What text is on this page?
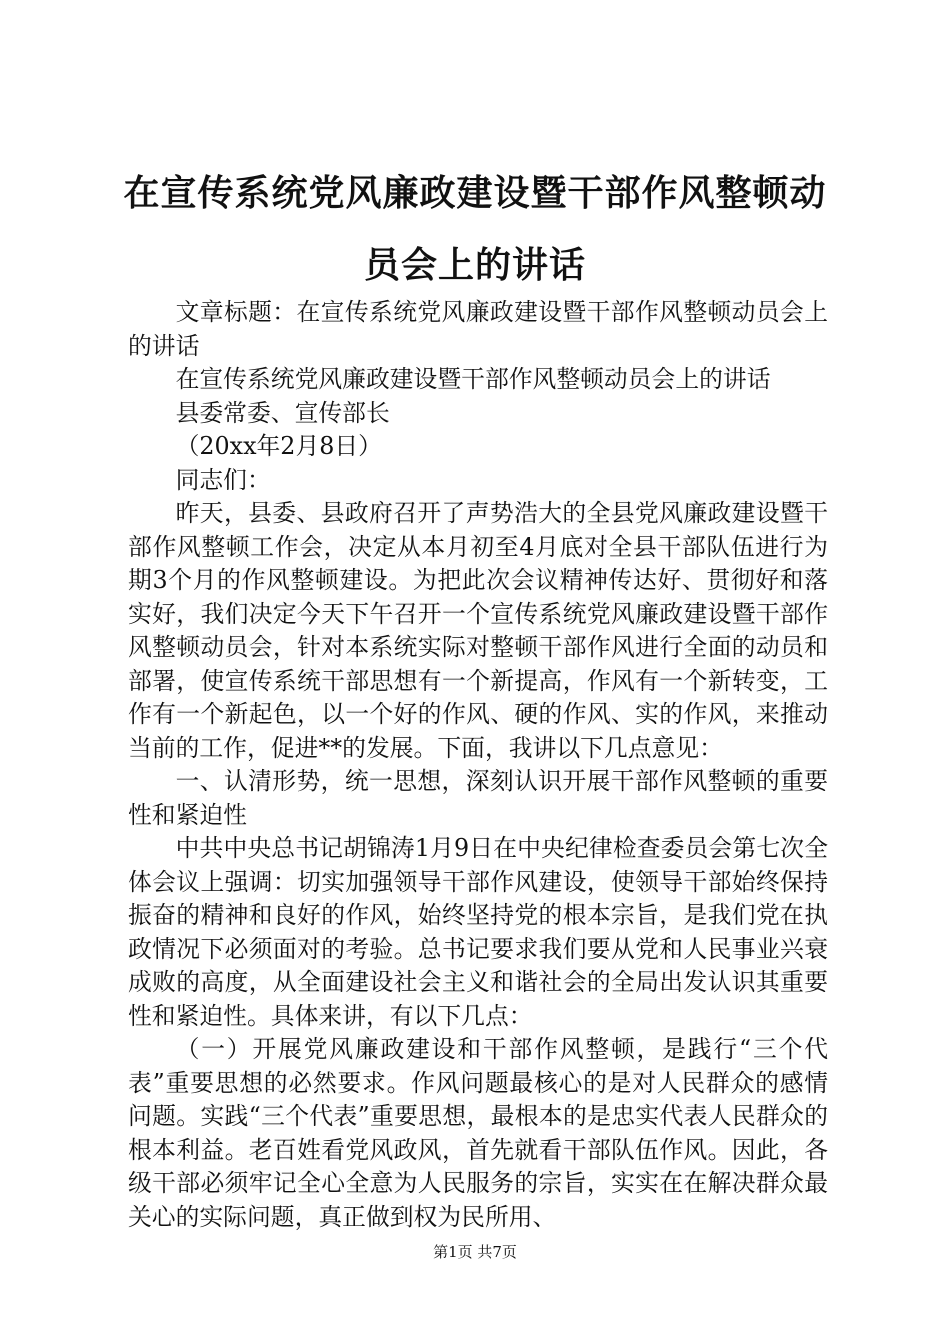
在宣传系统党风廉政建设暨干部作风整顿动员会上的讲话

文章标题：在宣传系统党风廉政建设暨干部作风整顿动员会上的讲话

在宣传系统党风廉政建设暨干部作风整顿动员会上的讲话

县委常委、宣传部长

（20xx年2月8日）

同志们：

昨天，县委、县政府召开了声势浩大的全县党风廉政建设暨干部作风整顿工作会，决定从本月初至4月底对全县干部队伍进行为期3个月的作风整顿建设。为把此次会议精神传达好、贯彻好和落实好，我们决定今天下午召开一个宣传系统党风廉政建设暨干部作风整顿动员会，针对本系统实际对整顿干部作风进行全面的动员和部署，使宣传系统干部思想有一个新提高，作风有一个新转变，工作有一个新起色，以一个好的作风、硬的作风、实的作风，来推动当前的工作，促进**的发展。下面，我讲以下几点意见：

一、认清形势，统一思想，深刻认识开展干部作风整顿的重要性和紧迫性

中共中央总书记胡锦涛1月9日在中央纪律检查委员会第七次全体会议上强调：切实加强领导干部作风建设，使领导干部始终保持振奋的精神和良好的作风，始终坚持党的根本宗旨，是我们党在执政情况下必须面对的考验。总书记要求我们要从党和人民事业兴衰成败的高度，从全面建设社会主义和谐社会的全局出发认识其重要性和紧迫性。具体来讲，有以下几点：

（一）开展党风廉政建设和干部作风整顿，是践行“三个代表”重要思想的必然要求。作风问题最核心的是对人民群众的感情问题。实践“三个代表”重要思想，最根本的是忠实代表人民群众的根本利益。老百姓看党风政风，首先就看干部队伍作风。因此，各级干部必须牢记全心全意为人民服务的宗旨，实实在在解决群众最关心的实际问题，真正做到权为民所用、

第1页 共7页
